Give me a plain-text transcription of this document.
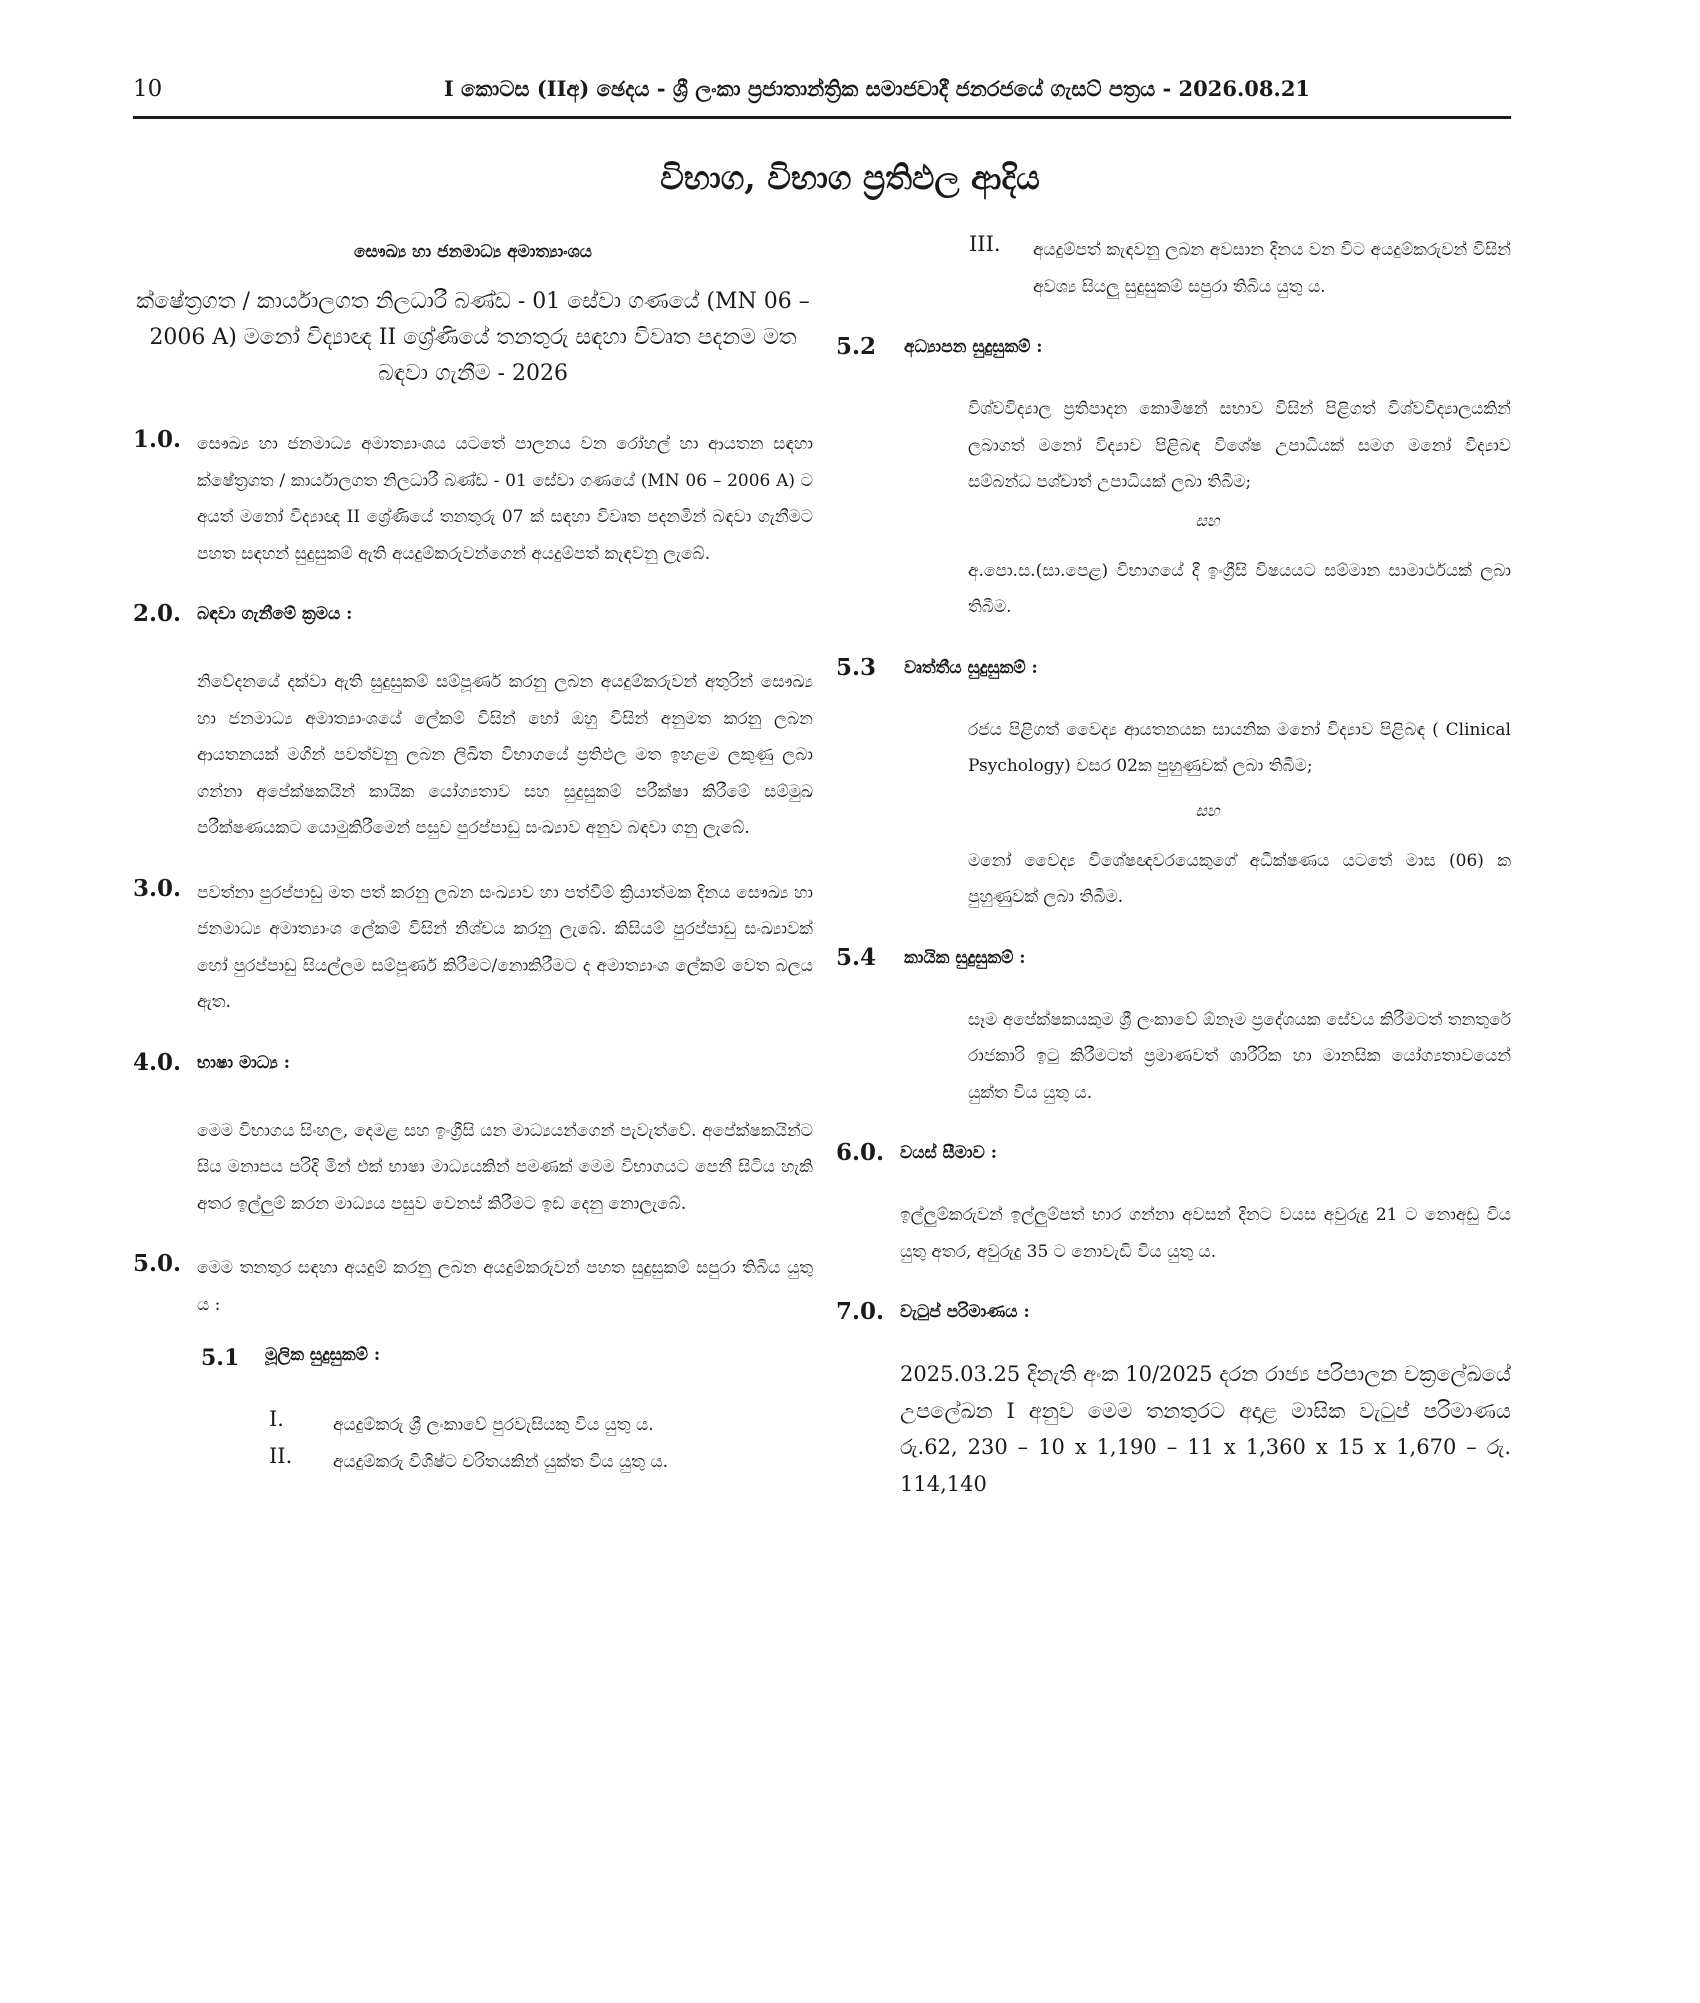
10	I කොටස (IIඅ) ඡෙදය - ශ්‍රී ලංකා ප්‍රජාතාන්ත්‍රික සමාජවාදී ජනරජයේ ගැසට් පත්‍රය - 2026.08.21
විභාග, විභාග ප්‍රතිඵල ආදිය
සෞඛ්‍ය හා ජනමාධ්‍ය අමාත්‍යාංශය
ක්ෂේත්‍රගත / කාර්යාලගත නිලධාරී බණ්ඩ - 01 සේවා ගණයේ (MN 06 – 2006 A) මනෝ විද්‍යාඥ II ශ්‍රේණියේ තනතුරු සඳහා විවෘත පදනම මත බඳවා ගැනීම - 2026
1.0. සෞඛ්‍ය හා ජනමාධ්‍ය අමාත්‍යාංශය යටතේ පාලනය වන රෝහල් හා ආයතන සඳහා ක්ෂේත්‍රගත / කාර්යාලගත නිලධාරී බණ්ඩ - 01 සේවා ගණයේ (MN 06 – 2006 A) ට අයත් මනෝ විද්‍යාඥ II ශ්‍රේණියේ තනතුරු 07 ක් සඳහා විවෘත පදනමින් බඳවා ගැනීමට පහත සඳහන් සුදුසුකම් ඇති අයදුම්කරුවන්ගෙන් අයදුම්පත් කැඳවනු ලැබේ.
2.0. බඳවා ගැනීමේ ක්‍රමය :
නිවේදනයේ දක්වා ඇති සුදුසුකම් සම්පූර්ණ කරනු ලබන අයදුම්කරුවන් අතුරින් සෞඛ්‍ය හා ජනමාධ්‍ය අමාත්‍යාංශයේ ලේකම් විසින් හෝ ඔහු විසින් අනුමත කරනු ලබන ආයතනයක් මගින් පවත්වනු ලබන ලිඛිත විභාගයේ ප්‍රතිඵල මත ඉහළම ලකුණු ලබා ගන්නා අපේක්ෂකයින් කායික යෝග්‍යතාව සහ සුදුසුකම් පරීක්ෂා කිරීමේ සම්මුඛ පරීක්ෂණයකට යොමුකිරීමෙන් පසුව පුරප්පාඩු සංඛ්‍යාව අනුව බඳවා ගනු ලැබේ.
3.0. පවත්නා පුරප්පාඩු මත පත් කරනු ලබන සංඛ්‍යාව හා පත්වීම් ක්‍රියාත්මක දිනය සෞඛ්‍ය හා ජනමාධ්‍ය අමාත්‍යාංශ ලේකම් විසින් නිශ්චය කරනු ලැබේ. කිසියම් පුරප්පාඩු සංඛ්‍යාවක් හෝ පුරප්පාඩු සියල්ලම සම්පූර්ණ කිරීමට/නොකිරීමට ද අමාත්‍යාංශ ලේකම් වෙත බලය ඇත.
4.0. භාෂා මාධ්‍ය :
මෙම විභාගය සිංහල, දෙමළ සහ ඉංග්‍රීසි යන මාධ්‍යයන්ගෙන් පැවැත්වේ. අපේක්ෂකයින්ට සිය මනාපය පරිදි මින් එක් භාෂා මාධ්‍යයකින් පමණක් මෙම විභාගයට පෙනී සිටිය හැකි අතර ඉල්ලුම් කරන මාධ්‍යය පසුව වෙනස් කිරීමට ඉඩ දෙනු නොලැබේ.
5.0. මෙම තනතුර සඳහා අයදුම් කරනු ලබන අයදුම්කරුවන් පහත සුදුසුකම් සපුරා තිබිය යුතු ය :
5.1 මූලික සුදුසුකම් :
I.	අයදුම්කරු ශ්‍රී ලංකාවේ පුරවැසියකු විය යුතු ය.
II. අයදුම්කරු විශිෂ්ට චරිතයකින් යුක්ත විය යුතු ය.
III. අයදුම්පත් කැඳවනු ලබන අවසාන දිනය වන විට අයදුම්කරුවන් විසින් අවශ්‍ය සියලු සුදුසුකම් සපුරා තිබිය යුතු ය.
5.2 අධ්‍යාපන සුදුසුකම් :
විශ්වවිද්‍යාල ප්‍රතිපාදන කොමිෂන් සභාව විසින් පිළිගත් විශ්වවිද්‍යාලයකින් ලබාගත් මනෝ විද්‍යාව පිළිබඳ විශේෂ උපාධියක් සමග මනෝ විද්‍යාව සම්බන්ධ පශ්චාත් උපාධියක් ලබා තිබීම;
සහ
අ.පො.ස.(සා.පෙළ) විභාගයේ දී ඉංග්‍රීසි විෂයයට සම්මාන සාමාර්ථයක් ලබා තිබීම.
5.3 වෘත්තීය සුදුසුකම් :
රජය පිළිගත් වෛද්‍ය ආයතනයක සායනික මනෝ විද්‍යාව පිළිබඳ ( Clinical Psychology) වසර 02ක පුහුණුවක් ලබා තිබීම;
සහ
මනෝ වෛද්‍ය විශේෂඥවරයෙකුගේ අධීක්ෂණය යටතේ මාස (06) ක පුහුණුවක් ලබා තිබීම.
5.4 කායික සුදුසුකම් :
සෑම අපේක්ෂකයකුම ශ්‍රී ලංකාවේ ඕනෑම ප්‍රදේශයක සේවය කිරීමටත් තනතුරේ රාජකාරි ඉටු කිරීමටත් ප්‍රමාණවත් ශාරීරික හා මානසික යෝග්‍යතාවයෙන් යුක්ත විය යුතු ය.
6.0. වයස් සීමාව :
ඉල්ලුම්කරුවන් ඉල්ලුම්පත් භාර ගන්නා අවසන් දිනට වයස අවුරුදු 21 ට නොඅඩු විය යුතු අතර, අවුරුදු 35 ට නොවැඩි විය යුතු ය.
7.0. වැටුප් පරිමාණය :
2025.03.25 දිනැති අංක 10/2025 දරන රාජ්‍ය පරිපාලන චක්‍රලේඛයේ උපලේඛන I අනුව මෙම තනතුරට අදාළ මාසික වැටුප් පරිමාණය රු.62, 230 – 10 x 1,190 – 11 x 1,360 x 15 x 1,670 – රු. 114,140
